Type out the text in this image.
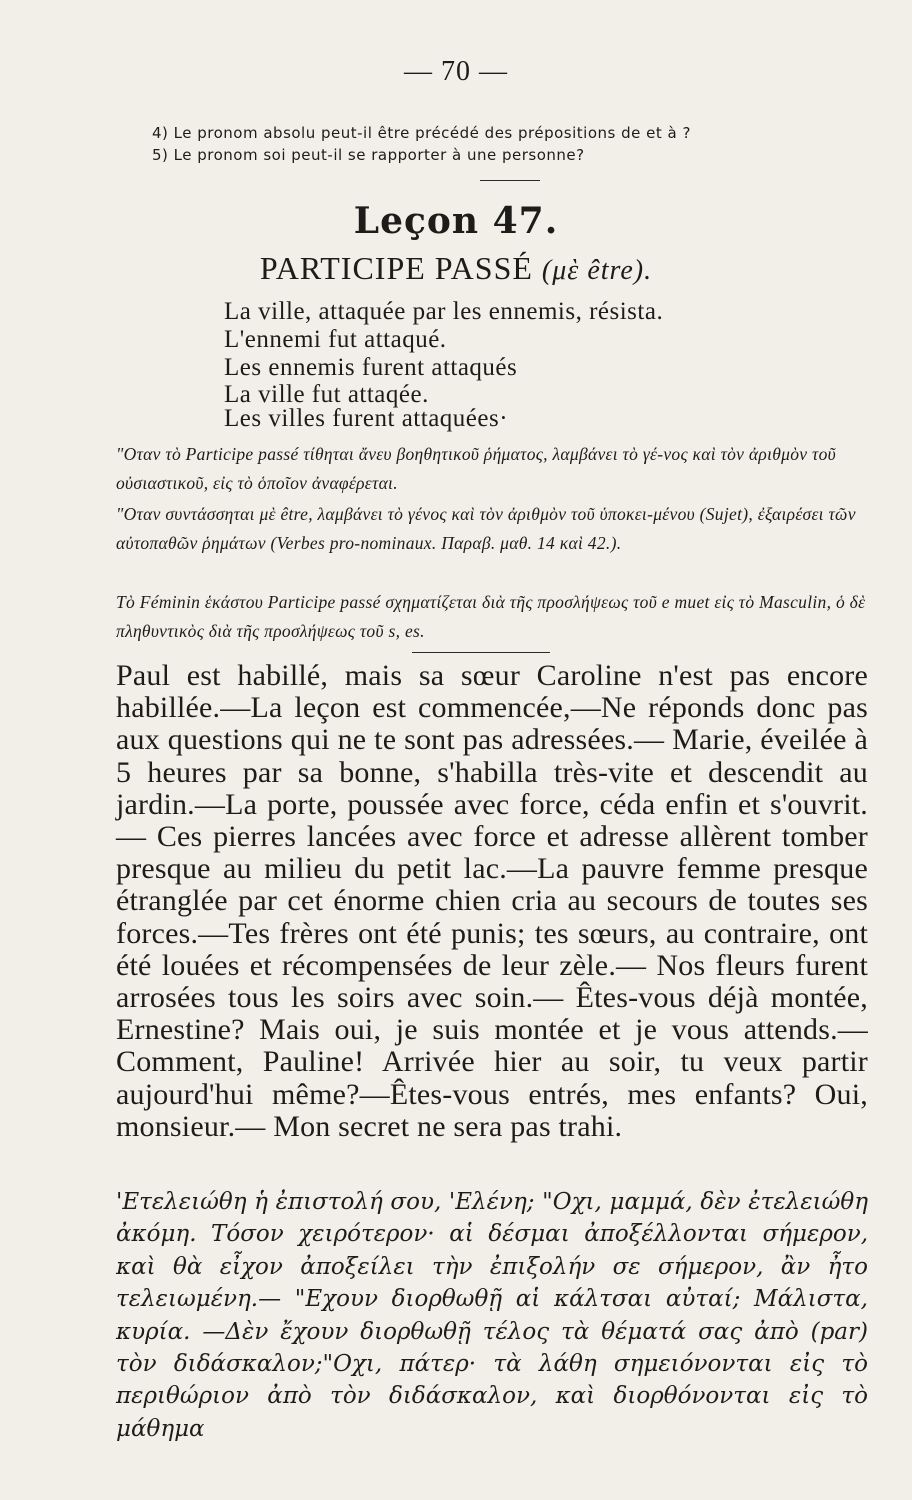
— 70 —
4) Le pronom absolu peut-il être précédé des prépositions de et à ?
5) Le pronom soi peut-il se rapporter à une personne?
Leçon 47.
PARTICIPE PASSÉ (μὲ être).
La ville, attaquée par les ennemis, résista.
L'ennemi fut attaqué.
Les ennemis furent attaqués
La ville fut attaqée.
Les villes furent attaquées·
"Οταν τὸ Participe passé τίθηται ἄνευ βοηθητικοῦ ῥήματος, λαμβάνει τὸ γέ-νος καὶ τὸν ἀριθμὸν τοῦ οὐσιαστικοῦ, εἰς τὸ ὁποῖον ἀναφέρεται.
"Οταν συντάσσηται μὲ être, λαμβάνει τὸ γένος καὶ τὸν ἀριθμὸν τοῦ ὑποκει-μένου (Sujet), ἐξαιρέσει τῶν αὐτοπαθῶν ῥημάτων (Verbes pro-nominaux. Παραβ. μαθ. 14 καὶ 42.).
Τὸ Féminin ἑκάστου Participe passé σχηματίζεται διὰ τῆς προσλήψεως τοῦ e muet εἰς τὸ Masculin, ὁ δὲ πληθυντικὸς διὰ τῆς προσλήψεως τοῦ s, es.
Paul est habillé, mais sa sœur Caroline n'est pas encore habillée.—La leçon est commencée,—Ne réponds donc pas aux questions qui ne te sont pas adressées.— Marie, éveilée à 5 heures par sa bonne, s'habilla très-vite et descendit au jardin.—La porte, poussée avec force, céda enfin et s'ouvrit.— Ces pierres lancées avec force et adresse allèrent tomber presque au milieu du petit lac.—La pauvre femme presque étranglée par cet énorme chien cria au secours de toutes ses forces.—Tes frères ont été punis; tes sœurs, au contraire, ont été louées et récompensées de leur zèle.— Nos fleurs furent arrosées tous les soirs avec soin.— Êtes-vous déjà montée, Ernestine? Mais oui, je suis montée et je vous attends.— Comment, Pauline! Arrivée hier au soir, tu veux partir aujourd'hui même?—Êtes-vous entrés, mes enfants? Oui, monsieur.— Mon secret ne sera pas trahi.
'Ετελειώθη ἡ ἐπιστολή σου, 'Ελένη; "Οχι, μαμμά, δὲν ἐτελειώθη ἀκόμη. Τόσον χειρότερον· αἱ δέσμαι ἀποξέλλονται σήμερον, καὶ θὰ εἶχον ἀποξείλει τὴν ἐπιξολήν σε σήμερον, ἂν ἦτο τελειωμένη.— "Εχουν διορθωθῇ αἱ κάλτσαι αὐταί; Μάλιστα, κυρία. —Δὲν ἔχουν διορθωθῇ τέλος τὰ θέματά σας ἀπὸ (par) τὸν διδάσκαλον;"Οχι, πάτερ· τὰ λάθη σημειόνονται εἰς τὸ περιθώριον ἀπὸ τὸν διδάσκαλον, καὶ διορθόνονται εἰς τὸ μάθημα
